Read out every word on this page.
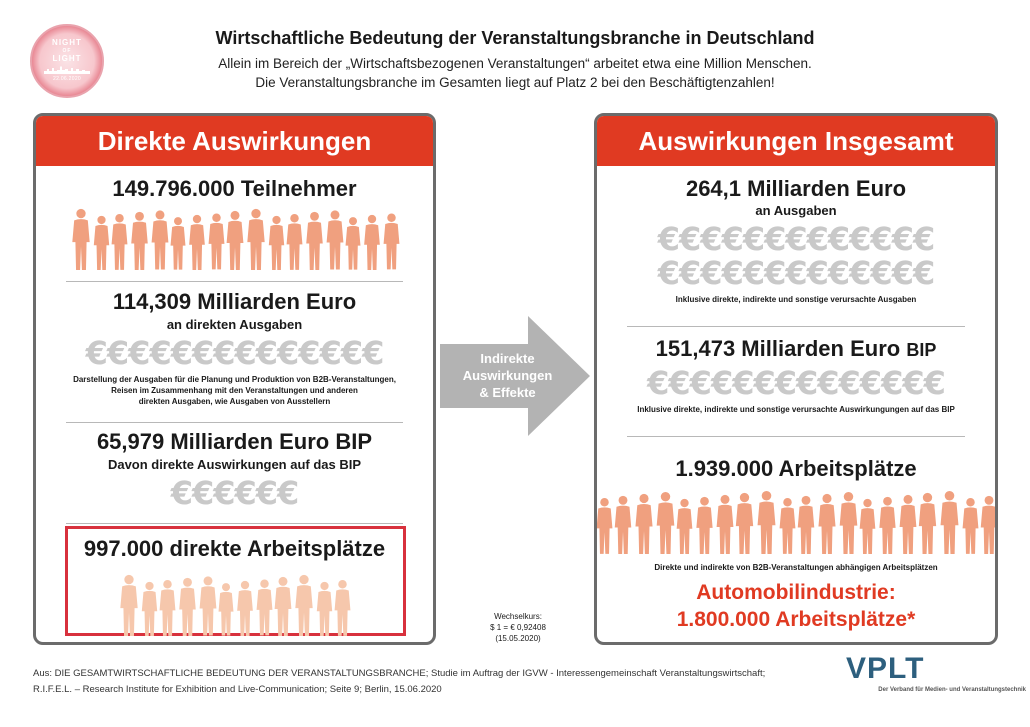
NIGHT
OF
LIGHT
22.06.2020
Wirtschaftliche Bedeutung der Veranstaltungsbranche in Deutschland
Allein im Bereich der „Wirtschaftsbezogenen Veranstaltungen“ arbeitet etwa eine Million Menschen.
Die Veranstaltungsbranche im Gesamten liegt auf Platz 2 bei den Beschäftigtenzahlen!
Direkte Auswirkungen
149.796.000 Teilnehmer
114,309 Milliarden Euro
an direkten Ausgaben
€€€€€€€€€€€€€€
Darstellung der Ausgaben für die Planung und Produktion von B2B-Veranstaltungen,
Reisen im Zusammenhang mit den Veranstaltungen und anderen
direkten Ausgaben, wie Ausgaben von Ausstellern
65,979 Milliarden Euro BIP
Davon direkte Auswirkungen auf das BIP
€€€€€€
997.000 direkte Arbeitsplätze
Indirekte
Auswirkungen
& Effekte
Wechselkurs:
$ 1 = € 0,92408
(15.05.2020)
Auswirkungen Insgesamt
264,1 Milliarden Euro
an Ausgaben
€€€€€€€€€€€€€
€€€€€€€€€€€€€
Inklusive direkte, indirekte und sonstige verursachte Ausgaben
151,473 Milliarden Euro BIP
€€€€€€€€€€€€€€
Inklusive direkte, indirekte und sonstige verursachte Auswirkungungen auf das BIP
1.939.000 Arbeitsplätze
Direkte und indirekte von B2B-Veranstaltungen abhängigen Arbeitsplätzen
Automobilindustrie:
1.800.000 Arbeitsplätze*
Aus: DIE GESAMTWIRTSCHAFTLICHE BEDEUTUNG DER VERANSTALTUNGSBRANCHE; Studie im Auftrag der IGVW - Interessengemeinschaft Veranstaltungswirtschaft;
R.I.F.E.L. – Research Institute for Exhibition and Live-Communication; Seite 9; Berlin, 15.06.2020
VPLT
Der Verband für Medien- und Veranstaltungstechnik
